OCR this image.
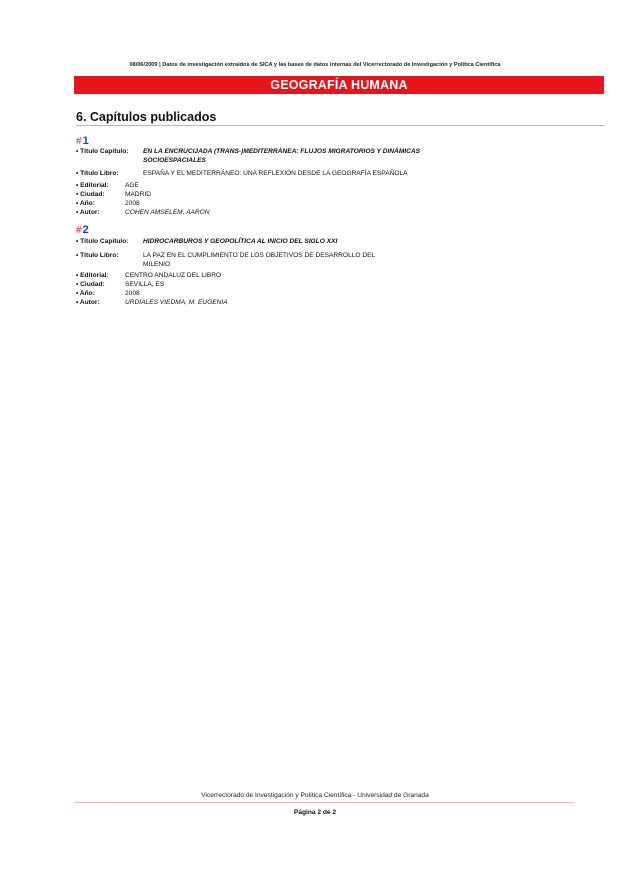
08/06/2009 | Datos de investigación extraídos de SICA y las bases de datos internas del Vicerrectorado de Investigación y Política Científica
GEOGRAFÍA HUMANA
6. Capítulos publicados
#1
• Título Capítulo: EN LA ENCRUCIJADA (TRANS-)MEDITERRÁNEA: FLUJOS MIGRATORIOS Y DINÁMICAS
SOCIOESPACIALES
• Título Libro:	ESPAÑA Y EL MEDITERRÁNEO: UNA REFLEXIÓN DESDE LA GEOGRAFÍA ESPAÑOLA
• Editorial: AGE
• Ciudad:	MADRID
• Año:	2008
• Autor:	COHEN AMSELEM, AARON
#2
• Título Capítulo: HIDROCARBUROS Y GEOPOLÍTICA AL INICIO DEL SIGLO XXI
• Título Libro:	LA PAZ EN EL CUMPLIMIENTO DE LOS OBJETIVOS DE DESARROLLO DEL
MILENIO
• Editorial: CENTRO ANDALUZ DEL LIBRO
• Ciudad:	SEVILLA, ES
• Año:	2008
• Autor:	URDIALES VIEDMA, M. EUGENIA
Vicerrectorado de Investigación y Política Científica - Universidad de Granada
Página 2 de 2
